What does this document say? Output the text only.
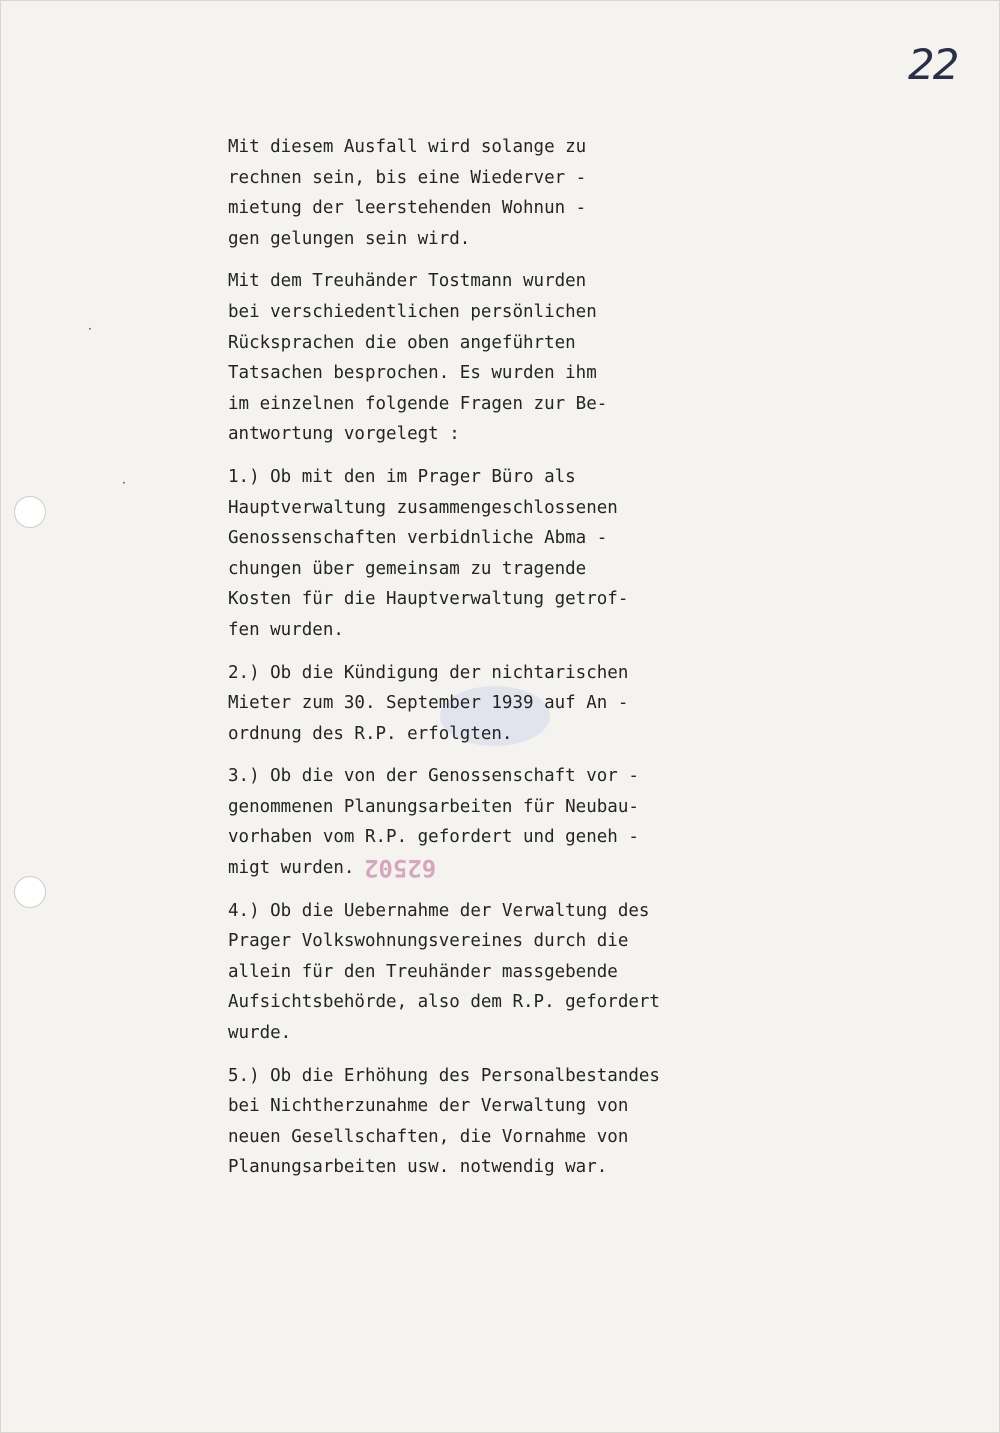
22
62502
·
·

Mit diesem Ausfall wird solange zu
rechnen sein, bis eine Wiederver -
mietung der leerstehenden Wohnun -
gen gelungen sein wird.

Mit dem Treuhänder Tostmann wurden
bei verschiedentlichen persönlichen
Rücksprachen die oben angeführten
Tatsachen besprochen. Es wurden ihm
im einzelnen folgende Fragen zur Be-
antwortung vorgelegt :

1.) Ob mit den im Prager Büro als
Hauptverwaltung zusammengeschlossenen
Genossenschaften verbidnliche Abma -
chungen über gemeinsam zu tragende
Kosten für die Hauptverwaltung getrof-
fen wurden.

2.) Ob die Kündigung der nichtarischen
Mieter zum 30. September 1939 auf An -
ordnung des R.P. erfolgten.

3.) Ob die von der Genossenschaft vor -
genommenen Planungsarbeiten für Neubau-
vorhaben vom R.P. gefordert und geneh -
migt wurden.

4.) Ob die Uebernahme der Verwaltung des
Prager Volkswohnungsvereines durch die
allein für den Treuhänder massgebende
Aufsichtsbehörde, also dem R.P. gefordert
wurde.

5.) Ob die Erhöhung des Personalbestandes
bei Nichtherzunahme der Verwaltung von
neuen Gesellschaften, die Vornahme von
Planungsarbeiten usw. notwendig war.
